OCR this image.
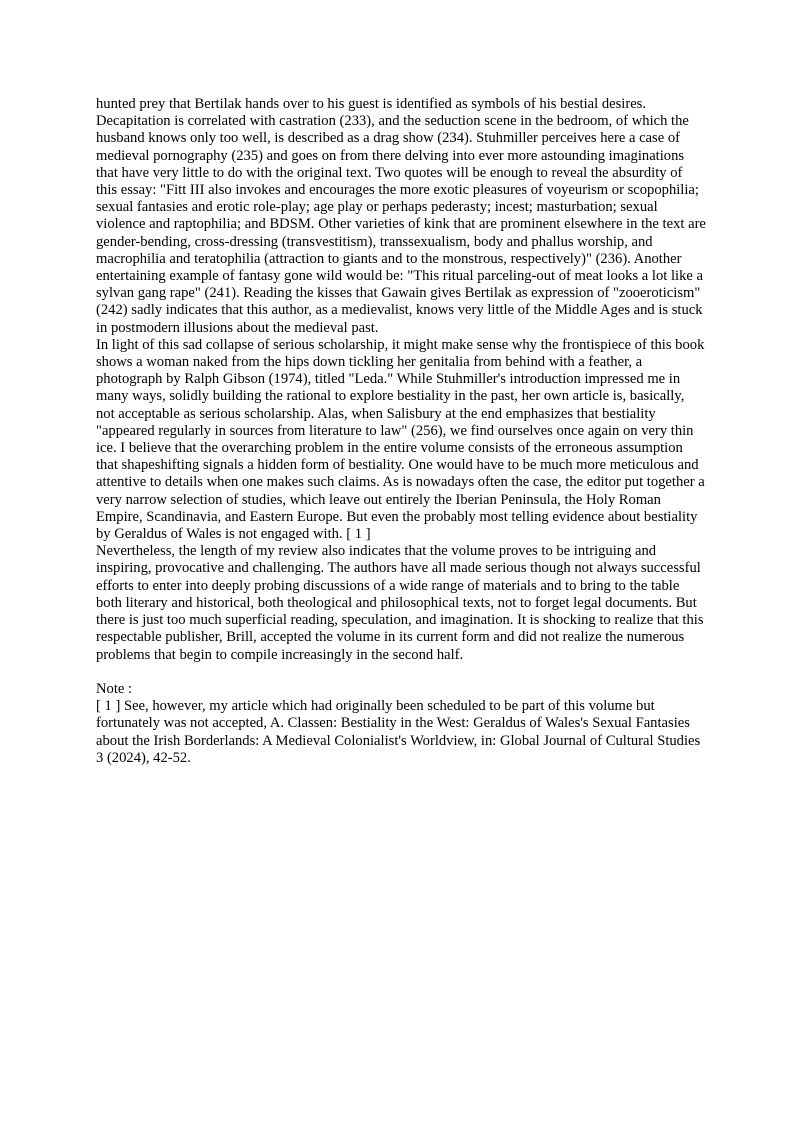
hunted prey that Bertilak hands over to his guest is identified as symbols of his bestial desires. Decapitation is correlated with castration (233), and the seduction scene in the bedroom, of which the husband knows only too well, is described as a drag show (234). Stuhmiller perceives here a case of medieval pornography (235) and goes on from there delving into ever more astounding imaginations that have very little to do with the original text. Two quotes will be enough to reveal the absurdity of this essay: "Fitt III also invokes and encourages the more exotic pleasures of voyeurism or scopophilia; sexual fantasies and erotic role-play; age play or perhaps pederasty; incest; masturbation; sexual violence and raptophilia; and BDSM. Other varieties of kink that are prominent elsewhere in the text are gender-bending, cross-dressing (transvestitism), transsexualism, body and phallus worship, and macrophilia and teratophilia (attraction to giants and to the monstrous, respectively)" (236). Another entertaining example of fantasy gone wild would be: "This ritual parceling-out of meat looks a lot like a sylvan gang rape" (241). Reading the kisses that Gawain gives Bertilak as expression of "zooeroticism" (242) sadly indicates that this author, as a medievalist, knows very little of the Middle Ages and is stuck in postmodern illusions about the medieval past.

In light of this sad collapse of serious scholarship, it might make sense why the frontispiece of this book shows a woman naked from the hips down tickling her genitalia from behind with a feather, a photograph by Ralph Gibson (1974), titled "Leda." While Stuhmiller's introduction impressed me in many ways, solidly building the rational to explore bestiality in the past, her own article is, basically, not acceptable as serious scholarship. Alas, when Salisbury at the end emphasizes that bestiality "appeared regularly in sources from literature to law" (256), we find ourselves once again on very thin ice. I believe that the overarching problem in the entire volume consists of the erroneous assumption that shapeshifting signals a hidden form of bestiality. One would have to be much more meticulous and attentive to details when one makes such claims. As is nowadays often the case, the editor put together a very narrow selection of studies, which leave out entirely the Iberian Peninsula, the Holy Roman Empire, Scandinavia, and Eastern Europe. But even the probably most telling evidence about bestiality by Geraldus of Wales is not engaged with. [ 1 ]

Nevertheless, the length of my review also indicates that the volume proves to be intriguing and inspiring, provocative and challenging. The authors have all made serious though not always successful efforts to enter into deeply probing discussions of a wide range of materials and to bring to the table both literary and historical, both theological and philosophical texts, not to forget legal documents. But there is just too much superficial reading, speculation, and imagination. It is shocking to realize that this respectable publisher, Brill, accepted the volume in its current form and did not realize the numerous problems that begin to compile increasingly in the second half.

Note :

[ 1 ] See, however, my article which had originally been scheduled to be part of this volume but fortunately was not accepted, A. Classen: Bestiality in the West: Geraldus of Wales's Sexual Fantasies about the Irish Borderlands: A Medieval Colonialist's Worldview, in: Global Journal of Cultural Studies 3 (2024), 42-52.
